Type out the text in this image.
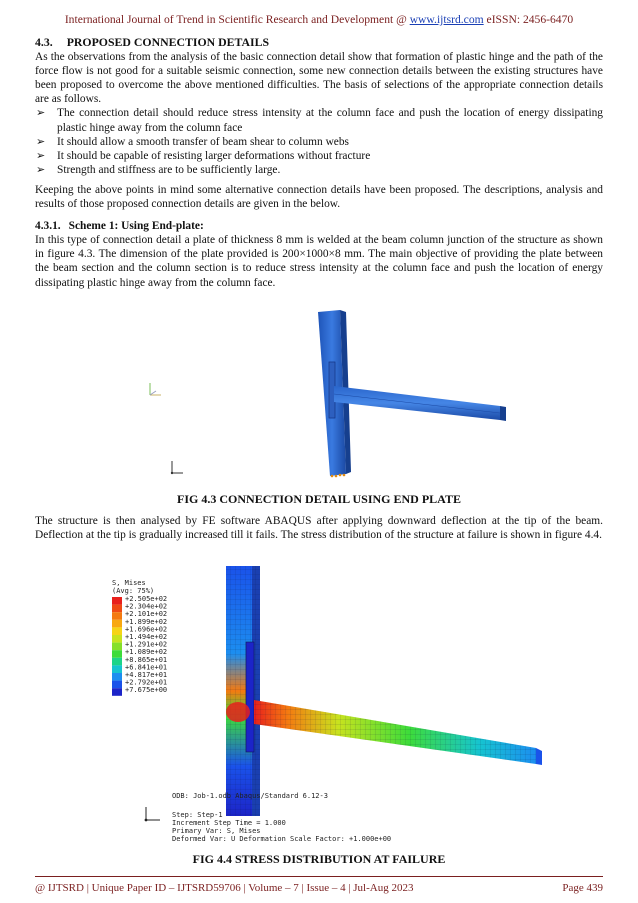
International Journal of Trend in Scientific Research and Development @ www.ijtsrd.com eISSN: 2456-6470
4.3. PROPOSED CONNECTION DETAILS

As the observations from the analysis of the basic connection detail show that formation of plastic hinge and the path of the force flow is not good for a suitable seismic connection, some new connection details between the existing structures have been proposed to overcome the above mentioned difficulties. The basis of selections of the appropriate connection details are as follows.

➢ The connection detail should reduce stress intensity at the column face and push the location of energy dissipating plastic hinge away from the column face
➢ It should allow a smooth transfer of beam shear to column webs
➢ It should be capable of resisting larger deformations without fracture
➢ Strength and stiffness are to be sufficiently large.

Keeping the above points in mind some alternative connection details have been proposed. The descriptions, analysis and results of those proposed connection details are given in the below.

4.3.1. Scheme 1: Using End-plate:

In this type of connection detail a plate of thickness 8 mm is welded at the beam column junction of the structure as shown in figure 4.3. The dimension of the plate provided is 200×1000×8 mm. The main objective of providing the plate between the beam section and the column section is to reduce stress intensity at the column face and push the location of energy dissipating plastic hinge away from the column face.

FIG 4.3 CONNECTION DETAIL USING END PLATE
The structure is then analysed by FE software ABAQUS after applying downward deflection at the tip of the beam. Deflection at the tip is gradually increased till it fails. The stress distribution of the structure at failure is shown in figure 4.4.
S, Mises
(Avg: 75%)
+2.505e+02
+2.304e+02
+2.101e+02
+1.899e+02
+1.696e+02
+1.494e+02
+1.291e+02
+1.089e+02
+8.865e+01
+6.841e+01
+4.817e+01
+2.792e+01
+7.675e+00
ODB: Job-1.odb Abaqus/Standard 6.12-3
Step: Step-1
Increment Step Time = 1.000
Primary Var: S, Mises
Deformed Var: U Deformation Scale Factor: +1.000e+00
FIG 4.4 STRESS DISTRIBUTION AT FAILURE
@ IJTSRD | Unique Paper ID – IJTSRD59706 | Volume – 7 | Issue – 4 | Jul-Aug 2023	Page 439
